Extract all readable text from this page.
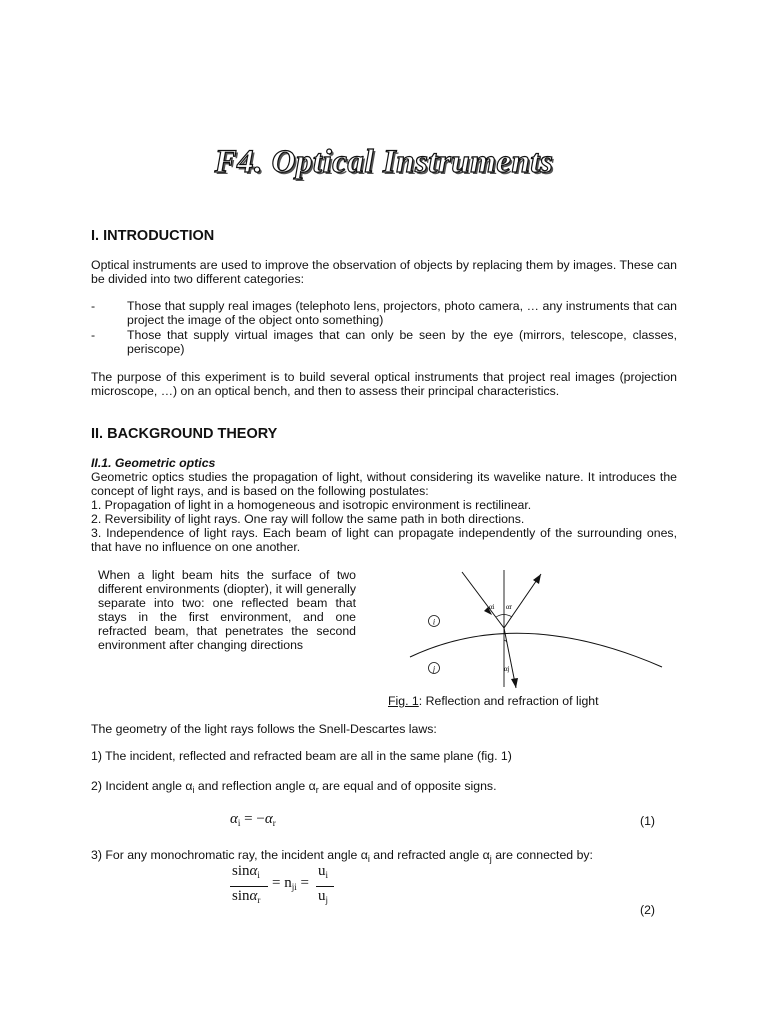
F4. Optical Instruments
I. INTRODUCTION
Optical instruments are used to improve the observation of objects by replacing them by images. These can be divided into two different categories:
-	Those that supply real images (telephoto lens, projectors, photo camera, … any instruments that can project the image of the object onto something)
-	Those that supply virtual images that can only be seen by the eye (mirrors, telescope, classes, periscope)
The purpose of this experiment is to build several optical instruments that project real images (projection microscope, …) on an optical bench, and then to assess their principal characteristics.
II. BACKGROUND THEORY
II.1. Geometric optics
Geometric optics studies the propagation of light, without considering its wavelike nature. It introduces the concept of light rays, and is based on the following postulates:
1. Propagation of light in a homogeneous and isotropic environment is rectilinear.
2. Reversibility of light rays. One ray will follow the same path in both directions.
3. Independence of light rays. Each beam of light can propagate independently of the surrounding ones, that have no influence on one another.
When a light beam hits the surface of two different environments (diopter), it will generally separate into two: one reflected beam that stays in the first environment, and one refracted beam, that penetrates the second environment after changing directions
i
j
αi αr
αj
Fig. 1: Reflection and refraction of light
The geometry of the light rays follows the Snell-Descartes laws:
1) The incident, reflected and refracted beam are all in the same plane (fig. 1)
2) Incident angle $\alpha_i$ and reflection angle $\alpha_r$ are equal and of opposite signs.
$\alpha_i = -\alpha_r$	(1)
3) For any monochromatic ray, the incident angle $\alpha_i$ and refracted angle $\alpha_j$ are connected by:
sinα$_i$
sinα$_r$
= $n_{ji}$ =
$u_i$
$u_j$
(2)
